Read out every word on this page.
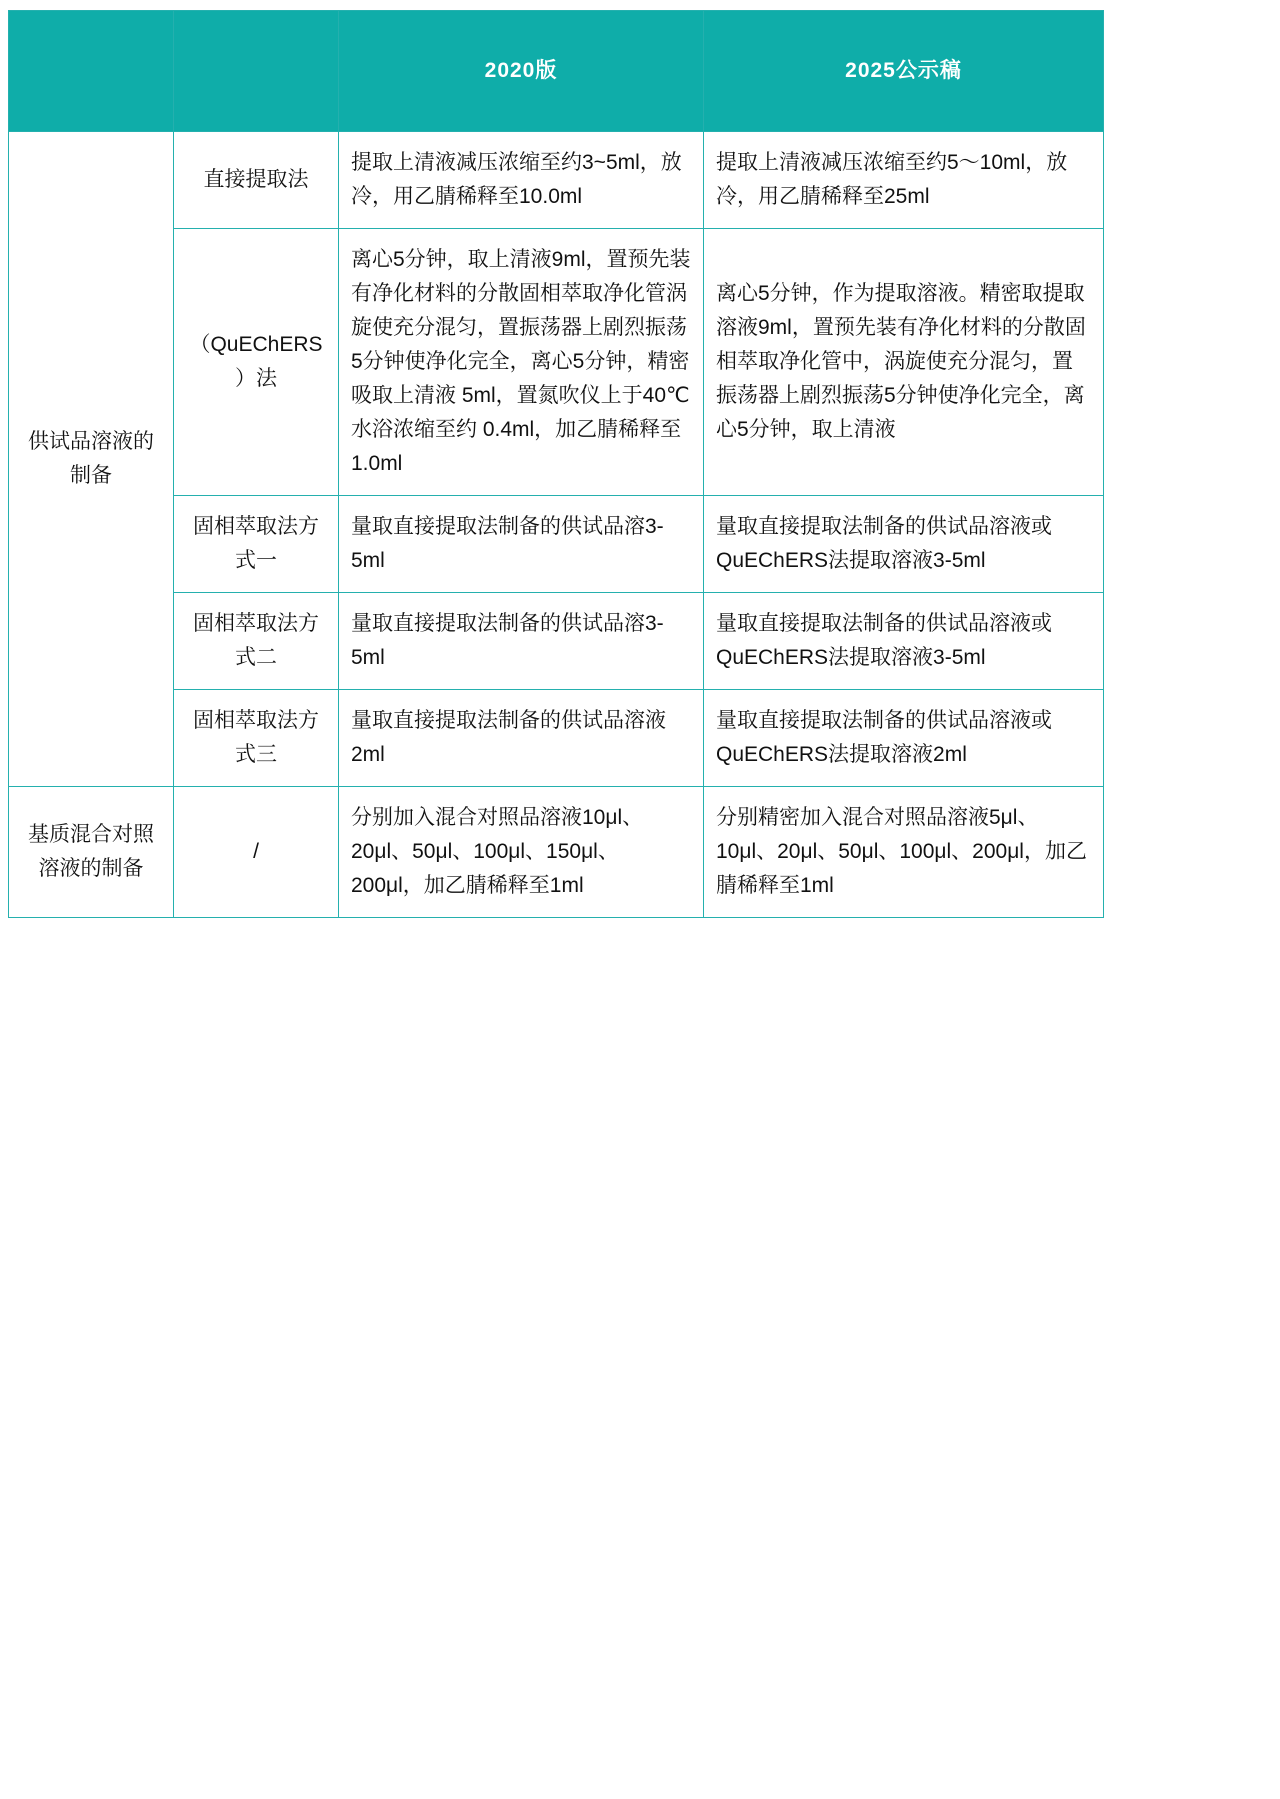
		2020版	2025公示稿
供试品溶液的制备	直接提取法	提取上清液减压浓缩至约3~5ml，放冷，用乙腈稀释至10.0ml	提取上清液减压浓缩至约5～10ml，放冷，用乙腈稀释至25ml
	（QuEChERS）法	离心5分钟，取上清液9ml，置预先装有净化材料的分散固相萃取净化管涡旋使充分混匀，置振荡器上剧烈振荡5分钟使净化完全，离心5分钟，精密吸取上清液 5ml，置氮吹仪上于40℃水浴浓缩至约 0.4ml，加乙腈稀释至1.0ml	离心5分钟，作为提取溶液。精密取提取溶液9ml，置预先装有净化材料的分散固相萃取净化管中，涡旋使充分混匀，置振荡器上剧烈振荡5分钟使净化完全，离心5分钟，取上清液
	固相萃取法方式一	量取直接提取法制备的供试品溶3-5ml	量取直接提取法制备的供试品溶液或QuEChERS法提取溶液3-5ml
	固相萃取法方式二	量取直接提取法制备的供试品溶3-5ml	量取直接提取法制备的供试品溶液或QuEChERS法提取溶液3-5ml
	固相萃取法方式三	量取直接提取法制备的供试品溶液2ml	量取直接提取法制备的供试品溶液或QuEChERS法提取溶液2ml
基质混合对照溶液的制备	/	分别加入混合对照品溶液10μl、20μl、50μl、100μl、150μl、200μl，加乙腈稀释至1ml	分别精密加入混合对照品溶液5μl、10μl、20μl、50μl、100μl、200μl，加乙腈稀释至1ml
